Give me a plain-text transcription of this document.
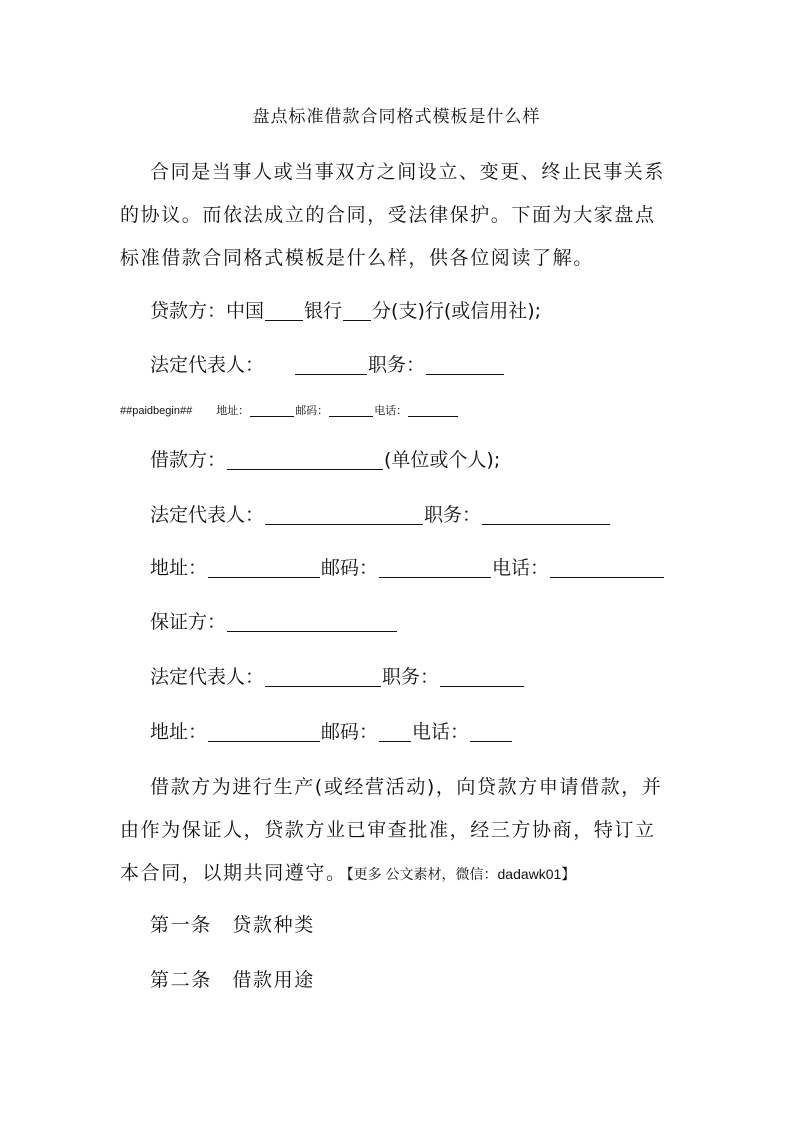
盘点标准借款合同格式模板是什么样
合同是当事人或当事双方之间设立、变更、终止民事关系
的协议。而依法成立的合同，受法律保护。下面为大家盘点
标准借款合同格式模板是什么样，供各位阅读了解。
贷款方：中国 银行 分(支)行(或信用社);
法定代表人：	职务：
##paidbegin## 地址：	邮码：	电话：
借款方：	(单位或个人);
法定代表人：	职务：
地址：	邮码：	电话：
保证方：
法定代表人：	职务：
地址：	邮码： 电话：
借款方为进行生产(或经营活动)，向贷款方申请借款，并
由作为保证人，贷款方业已审查批准，经三方协商，特订立
本合同，以期共同遵守。【更多 公文素材，微信：dadawk01】
第一条　贷款种类
第二条　借款用途
